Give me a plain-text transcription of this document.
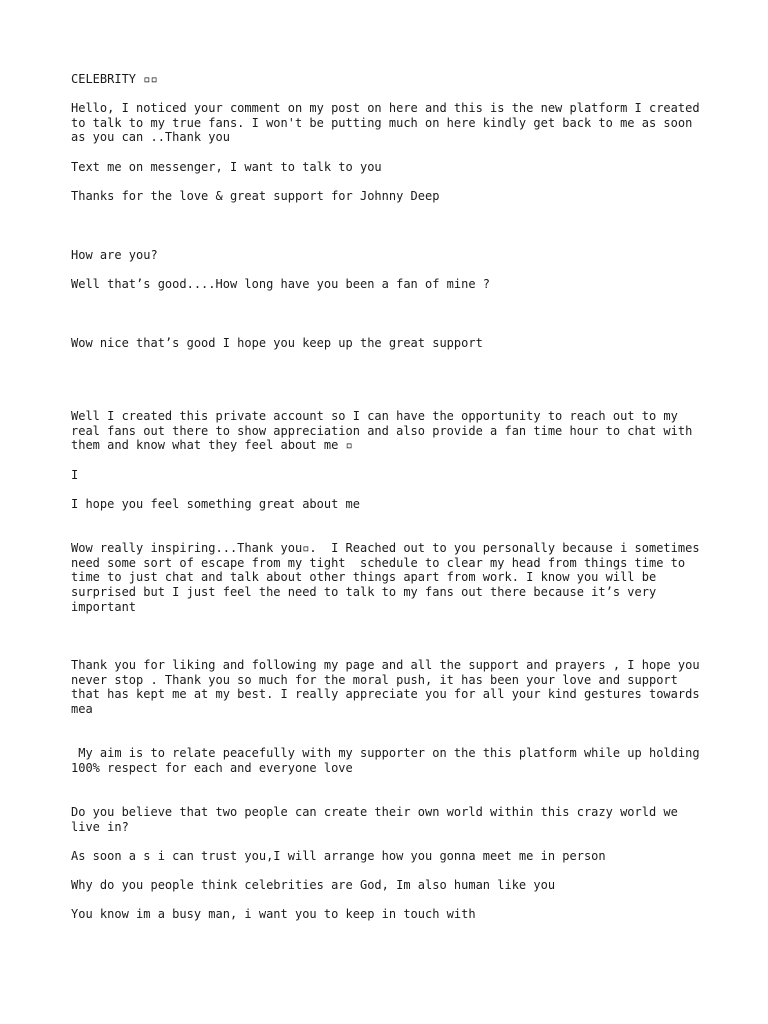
CELEBRITY ▫▫

Hello, I noticed your comment on my post on here and this is the new platform I created to talk to my true fans. I won't be putting much on here kindly get back to me as soon as you can ..Thank you

Text me on messenger, I want to talk to you

Thanks for the love & great support for Johnny Deep

How are you?

Well that’s good....How long have you been a fan of mine ?

Wow nice that’s good I hope you keep up the great support

Well I created this private account so I can have the opportunity to reach out to my real fans out there to show appreciation and also provide a fan time hour to chat with them and know what they feel about me ▫

I

I hope you feel something great about me

Wow really inspiring...Thank you▫.  I Reached out to you personally because i sometimes need some sort of escape from my tight  schedule to clear my head from things time to time to just chat and talk about other things apart from work. I know you will be surprised but I just feel the need to talk to my fans out there because it’s very important

Thank you for liking and following my page and all the support and prayers , I hope you never stop . Thank you so much for the moral push, it has been your love and support that has kept me at my best. I really appreciate you for all your kind gestures towards mea

My aim is to relate peacefully with my supporter on the this platform while up holding 100% respect for each and everyone love

Do you believe that two people can create their own world within this crazy world we live in?

As soon a s i can trust you,I will arrange how you gonna meet me in person

Why do you people think celebrities are God, Im also human like you

You know im a busy man, i want you to keep in touch with
